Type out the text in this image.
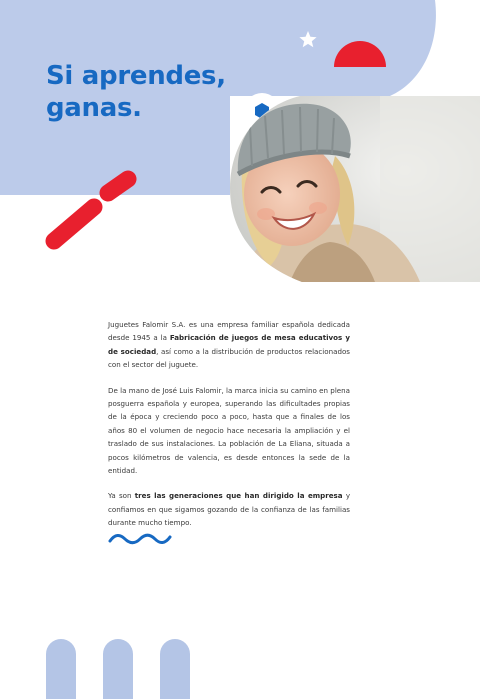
Si aprendes,
ganas.

Juguetes Falomir S.A. es una empresa familiar española dedicada desde 1945 a la Fabricación de juegos de mesa educativos y de sociedad, así como a la distribución de productos relacionados con el sector del juguete.

De la mano de José Luis Falomir, la marca inicia su camino en plena posguerra española y europea, superando las dificultades propias de la época y creciendo poco a poco, hasta que a finales de los años 80 el volumen de negocio hace necesaria la ampliación y el traslado de sus instalaciones. La población de La Eliana, situada a pocos kilómetros de valencia, es desde entonces la sede de la entidad.

Ya son tres las generaciones que han dirigido la empresa y confiamos en que sigamos gozando de la confianza de las familias durante mucho tiempo.
